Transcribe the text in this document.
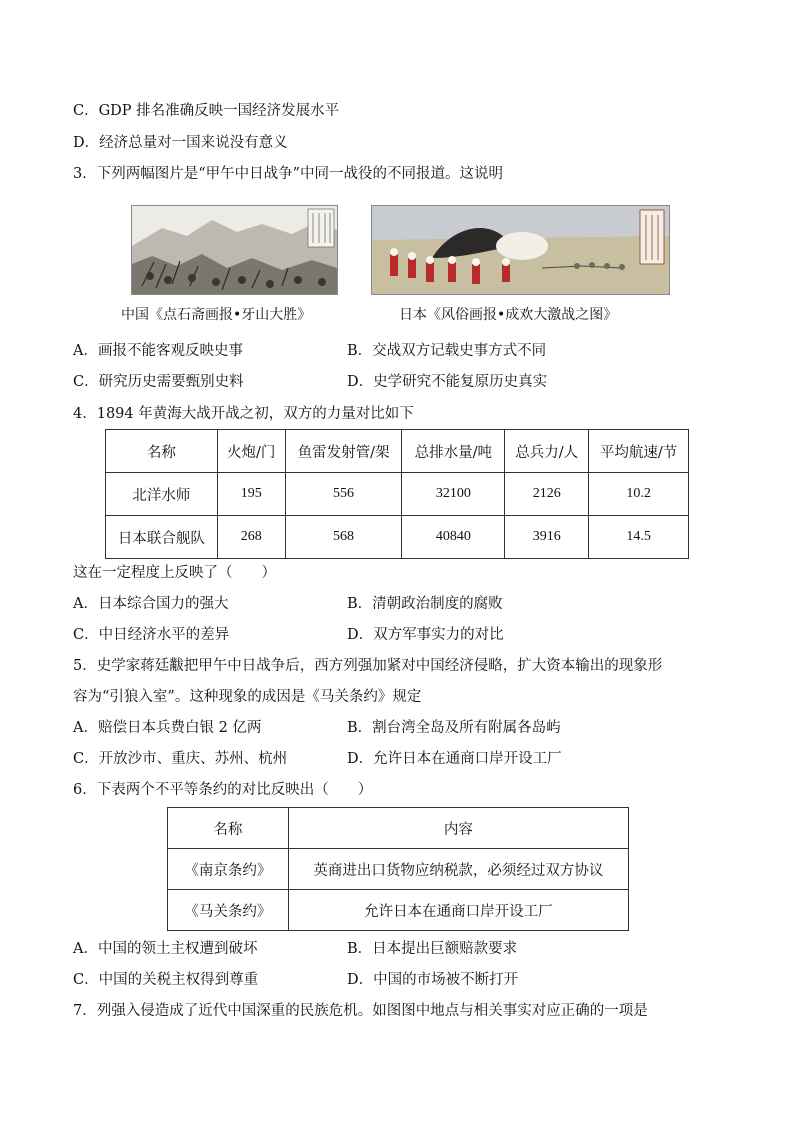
C．GDP 排名准确反映一国经济发展水平
D．经济总量对一国来说没有意义
3．下列两幅图片是“甲午中日战争”中同一战役的不同报道。这说明
中国《点石斋画报•牙山大胜》	日本《风俗画报•成欢大激战之图》
A．画报不能客观反映史事	B．交战双方记载史事方式不同
C．研究历史需要甄别史料	D．史学研究不能复原历史真实
4．1894 年黄海大战开战之初，双方的力量对比如下
名称	火炮/门	鱼雷发射管/架	总排水量/吨	总兵力/人	平均航速/节
北洋水师	195	556	32100	2126	10.2
日本联合舰队	268	568	40840	3916	14.5
这在一定程度上反映了（　　）
A．日本综合国力的强大	B．清朝政治制度的腐败
C．中日经济水平的差异	D．双方军事实力的对比
5．史学家蒋廷黻把甲午中日战争后，西方列强加紧对中国经济侵略，扩大资本输出的现象形
容为“引狼入室”。这种现象的成因是《马关条约》规定
A．赔偿日本兵费白银 2 亿两	B．割台湾全岛及所有附属各岛屿
C．开放沙市、重庆、苏州、杭州	D．允许日本在通商口岸开设工厂
6．下表两个不平等条约的对比反映出（　　）
名称	内容
《南京条约》	英商进出口货物应纳税款，必须经过双方协议
《马关条约》	允许日本在通商口岸开设工厂
A．中国的领土主权遭到破坏	B．日本提出巨额赔款要求
C．中国的关税主权得到尊重	D．中国的市场被不断打开
7．列强入侵造成了近代中国深重的民族危机。如图图中地点与相关事实对应正确的一项是
